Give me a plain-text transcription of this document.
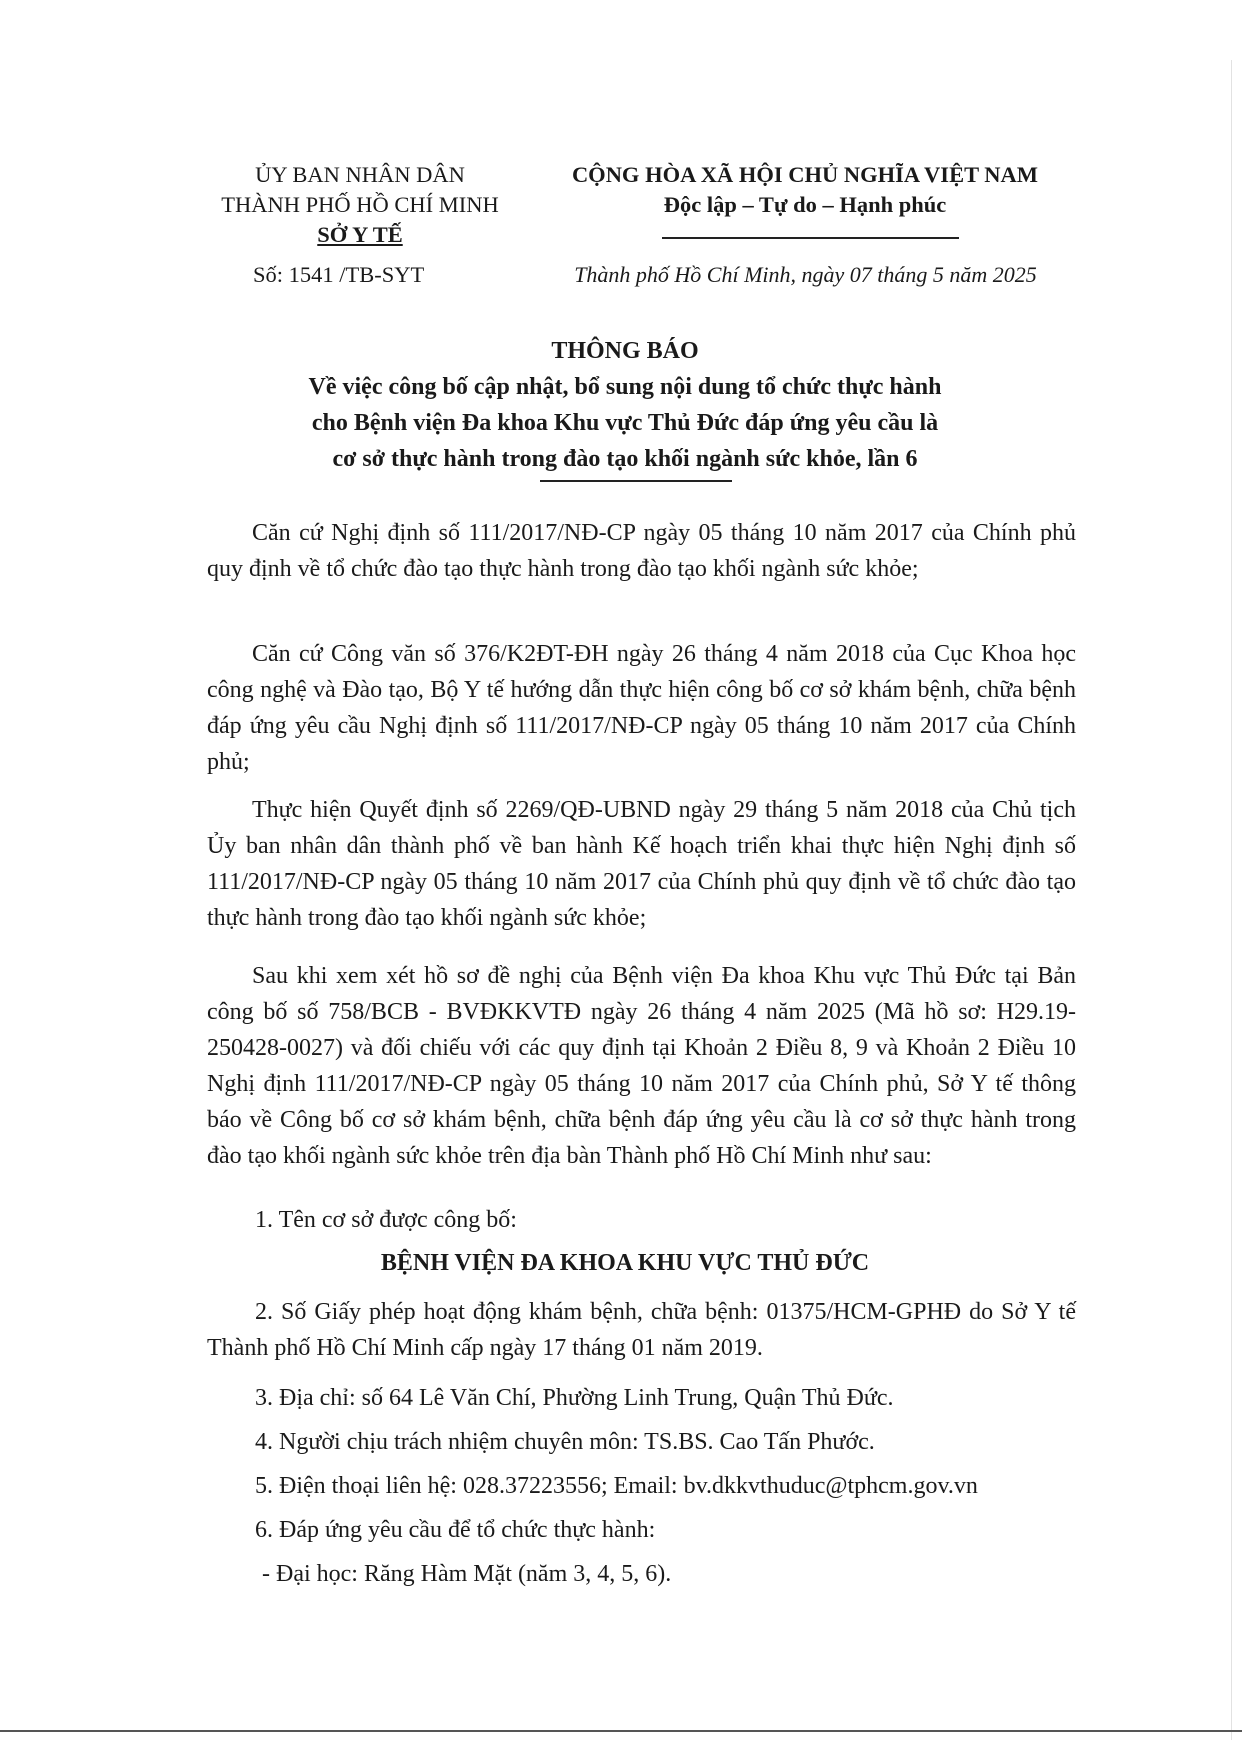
ỦY BAN NHÂN DÂN
THÀNH PHỐ HỒ CHÍ MINH
SỞ Y TẾ
Số: 1541 /TB-SYT
CỘNG HÒA XÃ HỘI CHỦ NGHĨA VIỆT NAM
Độc lập – Tự do – Hạnh phúc
Thành phố Hồ Chí Minh, ngày 07 tháng 5 năm 2025
THÔNG BÁO
Về việc công bố cập nhật, bổ sung nội dung tổ chức thực hành
cho Bệnh viện Đa khoa Khu vực Thủ Đức đáp ứng yêu cầu là
cơ sở thực hành trong đào tạo khối ngành sức khỏe, lần 6
Căn cứ Nghị định số 111/2017/NĐ-CP ngày 05 tháng 10 năm 2017 của Chính phủ quy định về tổ chức đào tạo thực hành trong đào tạo khối ngành sức khỏe;
Căn cứ Công văn số 376/K2ĐT-ĐH ngày 26 tháng 4 năm 2018 của Cục Khoa học công nghệ và Đào tạo, Bộ Y tế hướng dẫn thực hiện công bố cơ sở khám bệnh, chữa bệnh đáp ứng yêu cầu Nghị định số 111/2017/NĐ-CP ngày 05 tháng 10 năm 2017 của Chính phủ;
Thực hiện Quyết định số 2269/QĐ-UBND ngày 29 tháng 5 năm 2018 của Chủ tịch Ủy ban nhân dân thành phố về ban hành Kế hoạch triển khai thực hiện Nghị định số 111/2017/NĐ-CP ngày 05 tháng 10 năm 2017 của Chính phủ quy định về tổ chức đào tạo thực hành trong đào tạo khối ngành sức khỏe;
Sau khi xem xét hồ sơ đề nghị của Bệnh viện Đa khoa Khu vực Thủ Đức tại Bản công bố số 758/BCB - BVĐKKVTĐ ngày 26 tháng 4 năm 2025 (Mã hồ sơ: H29.19-250428-0027) và đối chiếu với các quy định tại Khoản 2 Điều 8, 9 và Khoản 2 Điều 10 Nghị định 111/2017/NĐ-CP ngày 05 tháng 10 năm 2017 của Chính phủ, Sở Y tế thông báo về Công bố cơ sở khám bệnh, chữa bệnh đáp ứng yêu cầu là cơ sở thực hành trong đào tạo khối ngành sức khỏe trên địa bàn Thành phố Hồ Chí Minh như sau:
1. Tên cơ sở được công bố:
BỆNH VIỆN ĐA KHOA KHU VỰC THỦ ĐỨC
2. Số Giấy phép hoạt động khám bệnh, chữa bệnh: 01375/HCM-GPHĐ do Sở Y tế Thành phố Hồ Chí Minh cấp ngày 17 tháng 01 năm 2019.
3. Địa chỉ: số 64 Lê Văn Chí, Phường Linh Trung, Quận Thủ Đức.
4. Người chịu trách nhiệm chuyên môn: TS.BS. Cao Tấn Phước.
5. Điện thoại liên hệ: 028.37223556; Email: bv.dkkvthuduc@tphcm.gov.vn
6. Đáp ứng yêu cầu để tổ chức thực hành:
- Đại học: Răng Hàm Mặt (năm 3, 4, 5, 6).
